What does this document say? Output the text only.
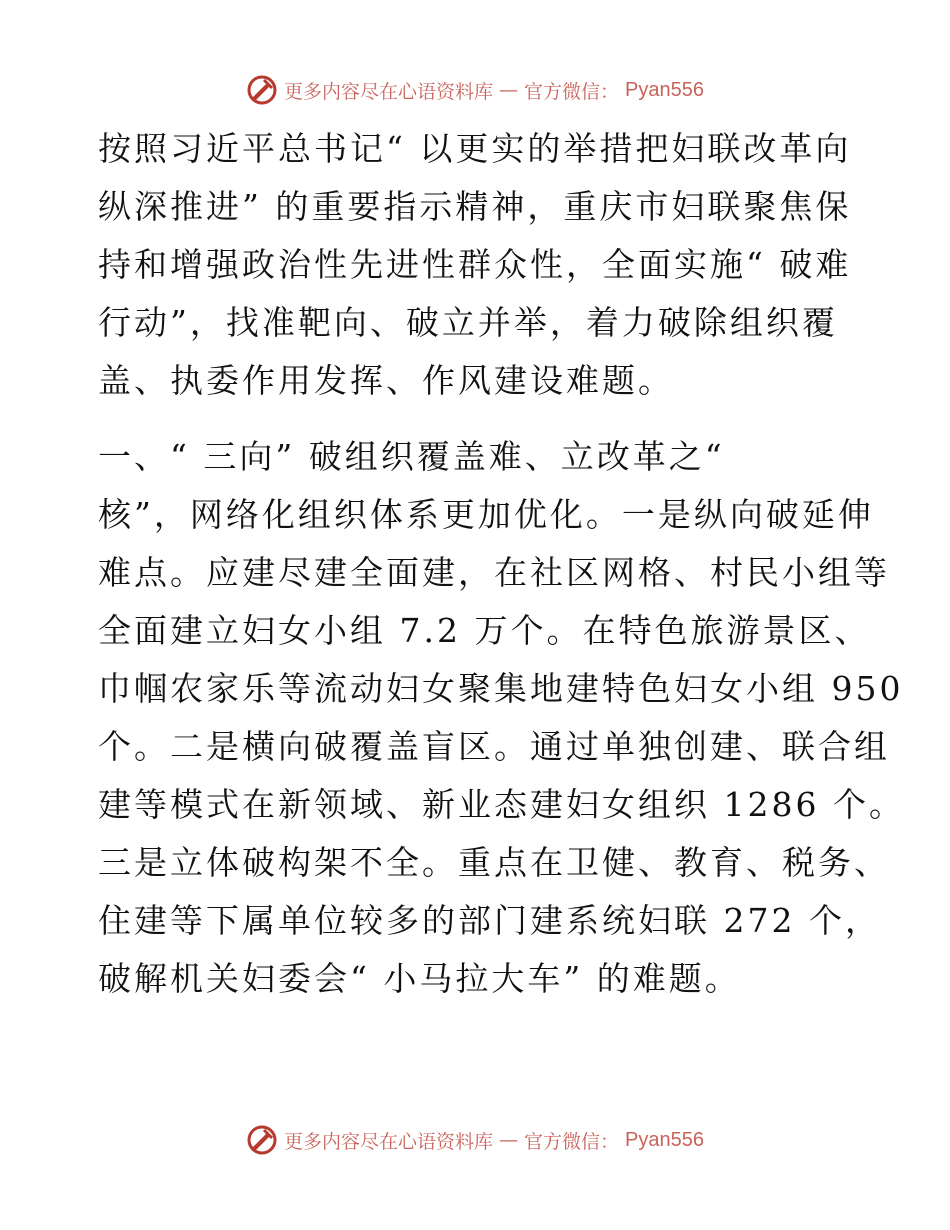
更多内容尽在心语资料库 — 官方微信： Pyan556
按照习近平总书记“ 以更实的举措把妇联改革向
纵深推进” 的重要指示精神，重庆市妇联聚焦保
持和增强政治性先进性群众性，全面实施“ 破难
行动”，找准靶向、破立并举，着力破除组织覆
盖、执委作用发挥、作风建设难题。
一、“ 三向” 破组织覆盖难、立改革之“
核”，网络化组织体系更加优化。一是纵向破延伸
难点。应建尽建全面建，在社区网格、村民小组等
全面建立妇女小组 7.2 万个。在特色旅游景区、
巾帼农家乐等流动妇女聚集地建特色妇女小组 950
个。二是横向破覆盖盲区。通过单独创建、联合组
建等模式在新领域、新业态建妇女组织 1286 个。
三是立体破构架不全。重点在卫健、教育、税务、
住建等下属单位较多的部门建系统妇联 272 个，
破解机关妇委会“ 小马拉大车” 的难题。
更多内容尽在心语资料库 — 官方微信： Pyan556
